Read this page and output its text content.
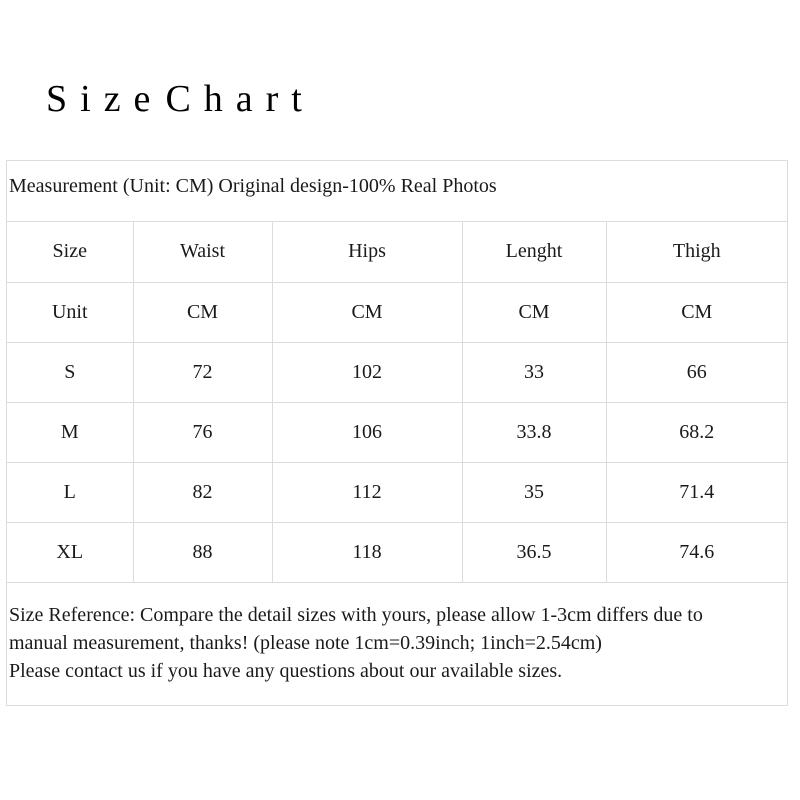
SizeChart
Measurement (Unit: CM) Original design-100% Real Photos
Size	Waist	Hips	Lenght	Thigh
Unit	CM	CM	CM	CM
S	72	102	33	66
M	76	106	33.8	68.2
L	82	112	35	71.4
XL	88	118	36.5	74.6
Size Reference: Compare the detail sizes with yours, please allow 1-3cm differs due to
manual measurement, thanks! (please note 1cm=0.39inch; 1inch=2.54cm)
Please contact us if you have any questions about our available sizes.
